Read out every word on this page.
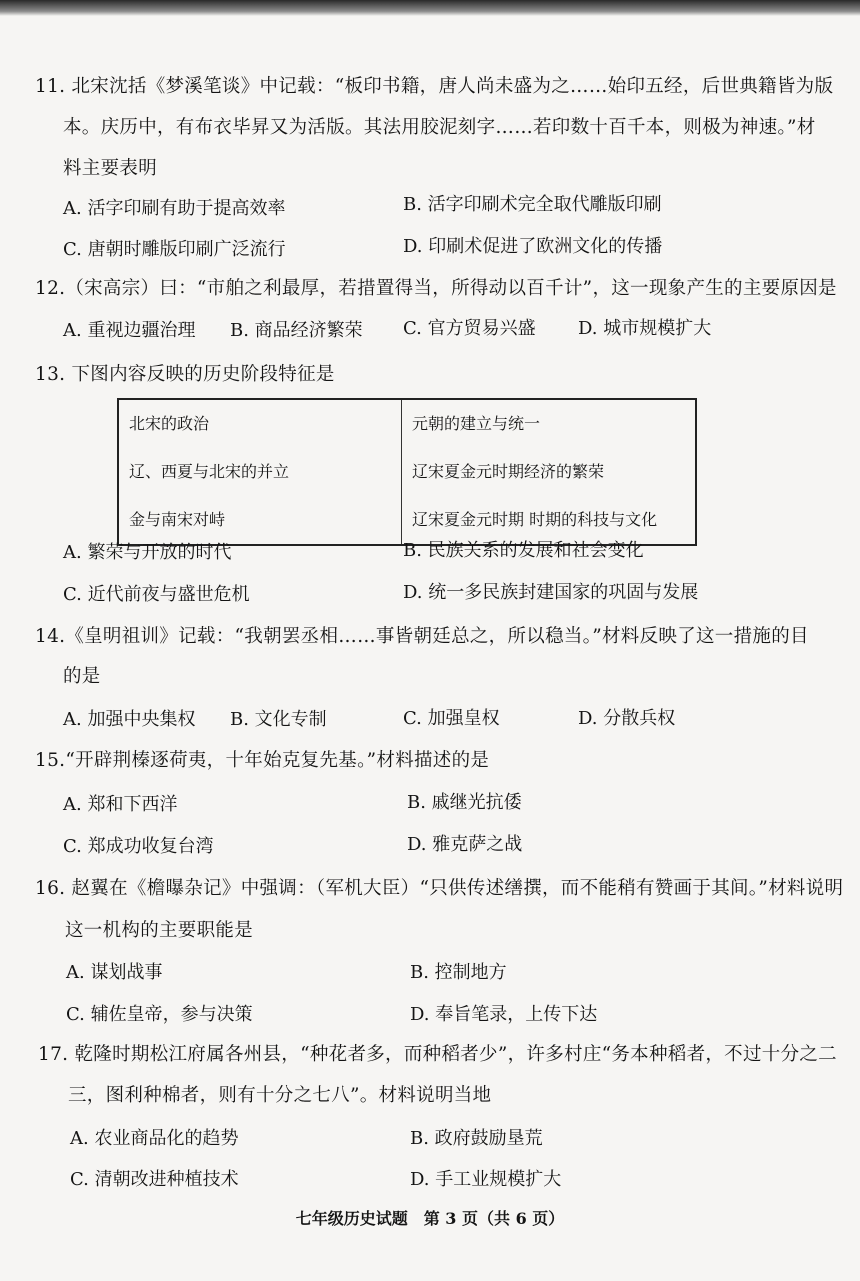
11. 北宋沈括《梦溪笔谈》中记载：“板印书籍，唐人尚未盛为之……始印五经，后世典籍皆为版
本。庆历中，有布衣毕昇又为活版。其法用胶泥刻字……若印数十百千本，则极为神速。”材
料主要表明
A. 活字印刷有助于提高效率	B. 活字印刷术完全取代雕版印刷
C. 唐朝时雕版印刷广泛流行	D. 印刷术促进了欧洲文化的传播
12.（宋高宗）曰：“市舶之利最厚，若措置得当，所得动以百千计”，这一现象产生的主要原因是
A. 重视边疆治理 B. 商品经济繁荣 C. 官方贸易兴盛 D. 城市规模扩大
13. 下图内容反映的历史阶段特征是
北宋的政治	元朝的建立与统一
辽、西夏与北宋的并立	辽宋夏金元时期经济的繁荣
金与南宋对峙	辽宋夏金元时期 时期的科技与文化
A. 繁荣与开放的时代	B. 民族关系的发展和社会变化
C. 近代前夜与盛世危机	D. 统一多民族封建国家的巩固与发展
14.《皇明祖训》记载：“我朝罢丞相……事皆朝廷总之，所以稳当。”材料反映了这一措施的目
的是
A. 加强中央集权 B. 文化专制	C. 加强皇权	D. 分散兵权
15.“开辟荆榛逐荷夷，十年始克复先基。”材料描述的是
A. 郑和下西洋	B. 戚继光抗倭
C. 郑成功收复台湾	D. 雅克萨之战
16. 赵翼在《檐曝杂记》中强调：（军机大臣）“只供传述缮撰，而不能稍有赞画于其间。”材料说明
这一机构的主要职能是
A. 谋划战事	B. 控制地方
C. 辅佐皇帝，参与决策	D. 奉旨笔录，上传下达
17. 乾隆时期松江府属各州县，“种花者多，而种稻者少”，许多村庄“务本种稻者，不过十分之二
三，图利种棉者，则有十分之七八”。材料说明当地
A. 农业商品化的趋势	B. 政府鼓励垦荒
C. 清朝改进种植技术	D. 手工业规模扩大
七年级历史试题　第 3 页（共 6 页）
